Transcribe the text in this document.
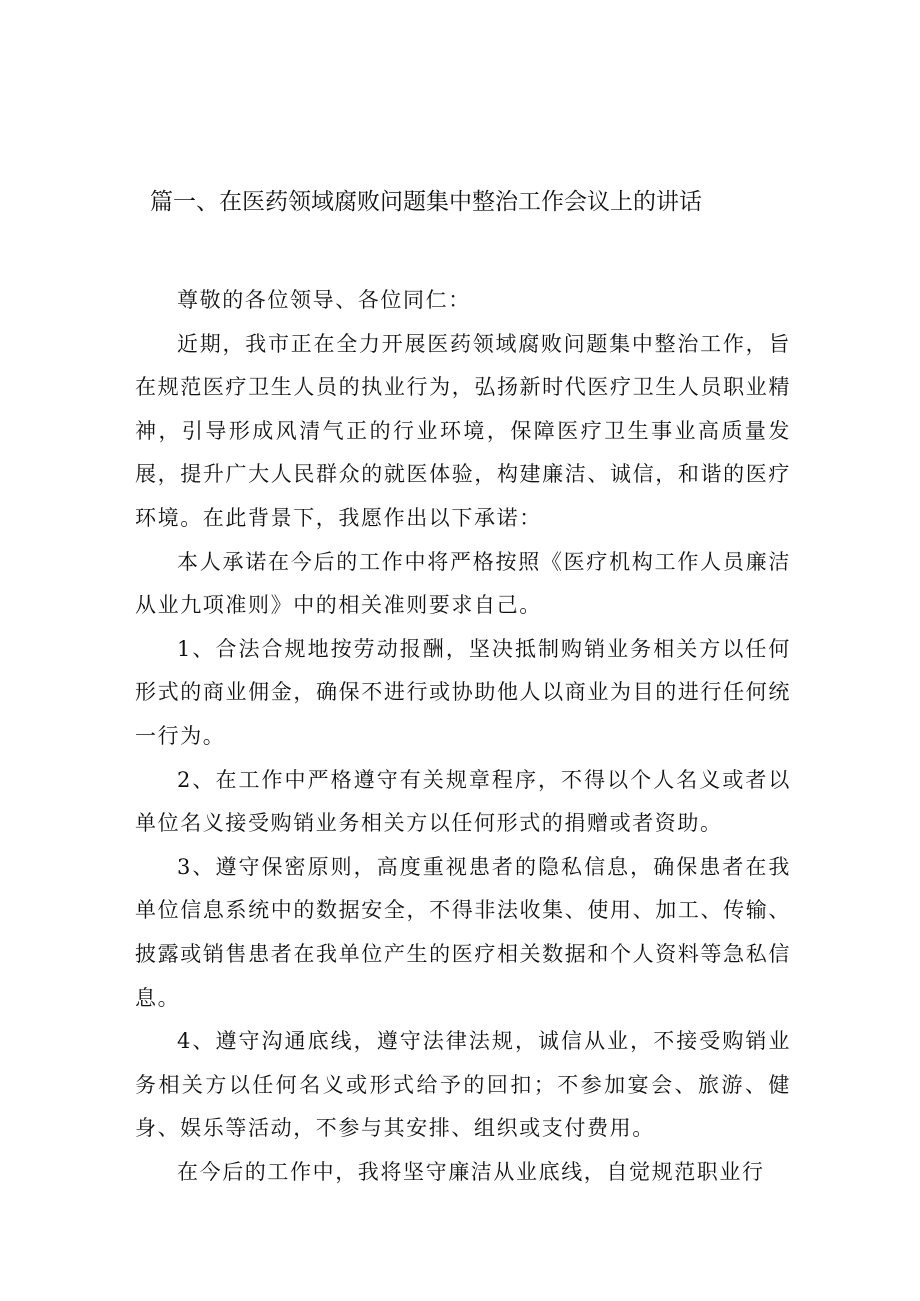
篇一、在医药领域腐败问题集中整治工作会议上的讲话

尊敬的各位领导、各位同仁：

近期，我市正在全力开展医药领域腐败问题集中整治工作，旨在规范医疗卫生人员的执业行为，弘扬新时代医疗卫生人员职业精神，引导形成风清气正的行业环境，保障医疗卫生事业高质量发展，提升广大人民群众的就医体验，构建廉洁、诚信，和谐的医疗环境。在此背景下，我愿作出以下承诺：

本人承诺在今后的工作中将严格按照《医疗机构工作人员廉洁从业九项准则》中的相关准则要求自己。

1、合法合规地按劳动报酬，坚决抵制购销业务相关方以任何形式的商业佣金，确保不进行或协助他人以商业为目的进行任何统一行为。

2、在工作中严格遵守有关规章程序，不得以个人名义或者以单位名义接受购销业务相关方以任何形式的捐赠或者资助。

3、遵守保密原则，高度重视患者的隐私信息，确保患者在我单位信息系统中的数据安全，不得非法收集、使用、加工、传输、披露或销售患者在我单位产生的医疗相关数据和个人资料等急私信息。

4、遵守沟通底线，遵守法律法规，诚信从业，不接受购销业务相关方以任何名义或形式给予的回扣；不参加宴会、旅游、健身、娱乐等活动，不参与其安排、组织或支付费用。

在今后的工作中，我将坚守廉洁从业底线，自觉规范职业行
